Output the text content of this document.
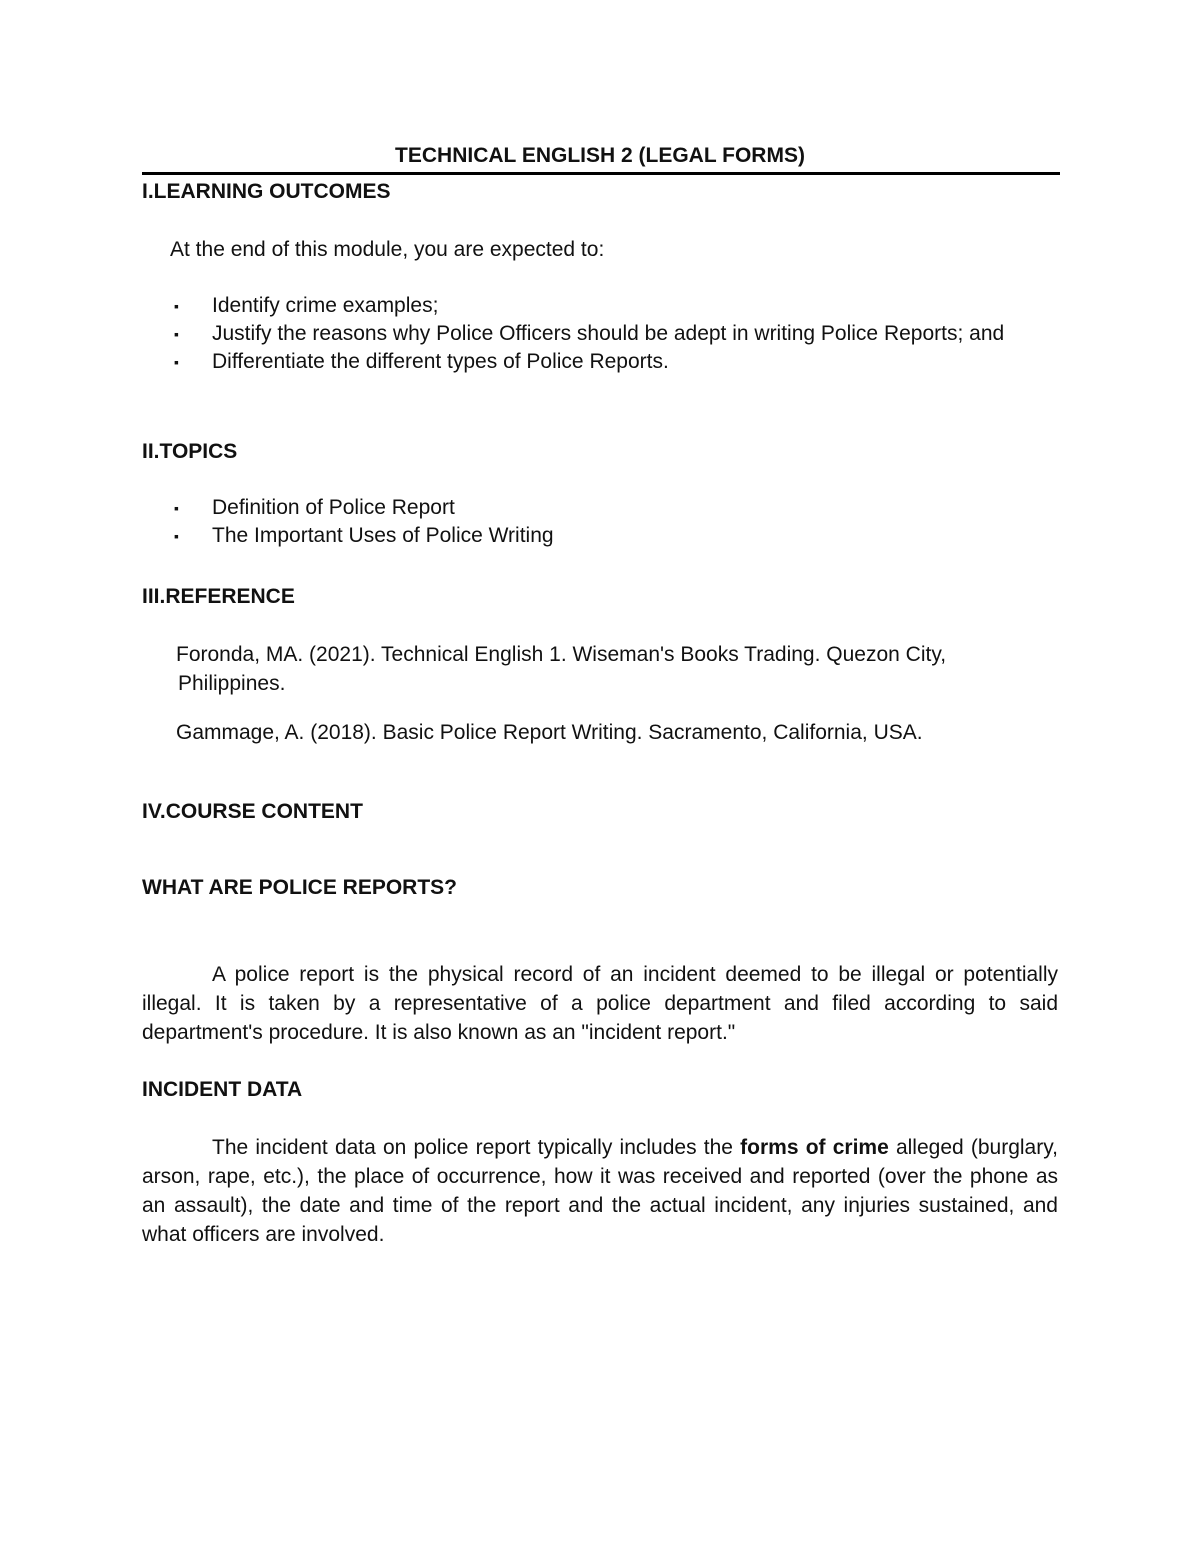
TECHNICAL ENGLISH 2 (LEGAL FORMS)
I.LEARNING OUTCOMES
At the end of this module, you are expected to:
▪ Identify crime examples;
▪ Justify the reasons why Police Officers should be adept in writing Police Reports; and
▪ Differentiate the different types of Police Reports.
II.TOPICS
▪ Definition of Police Report
▪ The Important Uses of Police Writing
III.REFERENCE
Foronda, MA. (2021). Technical English 1. Wiseman's Books Trading. Quezon City,
Philippines.
Gammage, A. (2018). Basic Police Report Writing. Sacramento, California, USA.
IV.COURSE CONTENT
WHAT ARE POLICE REPORTS?

A police report is the physical record of an incident deemed to be illegal or potentially illegal. It is taken by a representative of a police department and filed according to said department's procedure. It is also known as an "incident report."

INCIDENT DATA

The incident data on police report typically includes the forms of crime alleged (burglary, arson, rape, etc.), the place of occurrence, how it was received and reported (over the phone as an assault), the date and time of the report and the actual incident, any injuries sustained, and what officers are involved.
